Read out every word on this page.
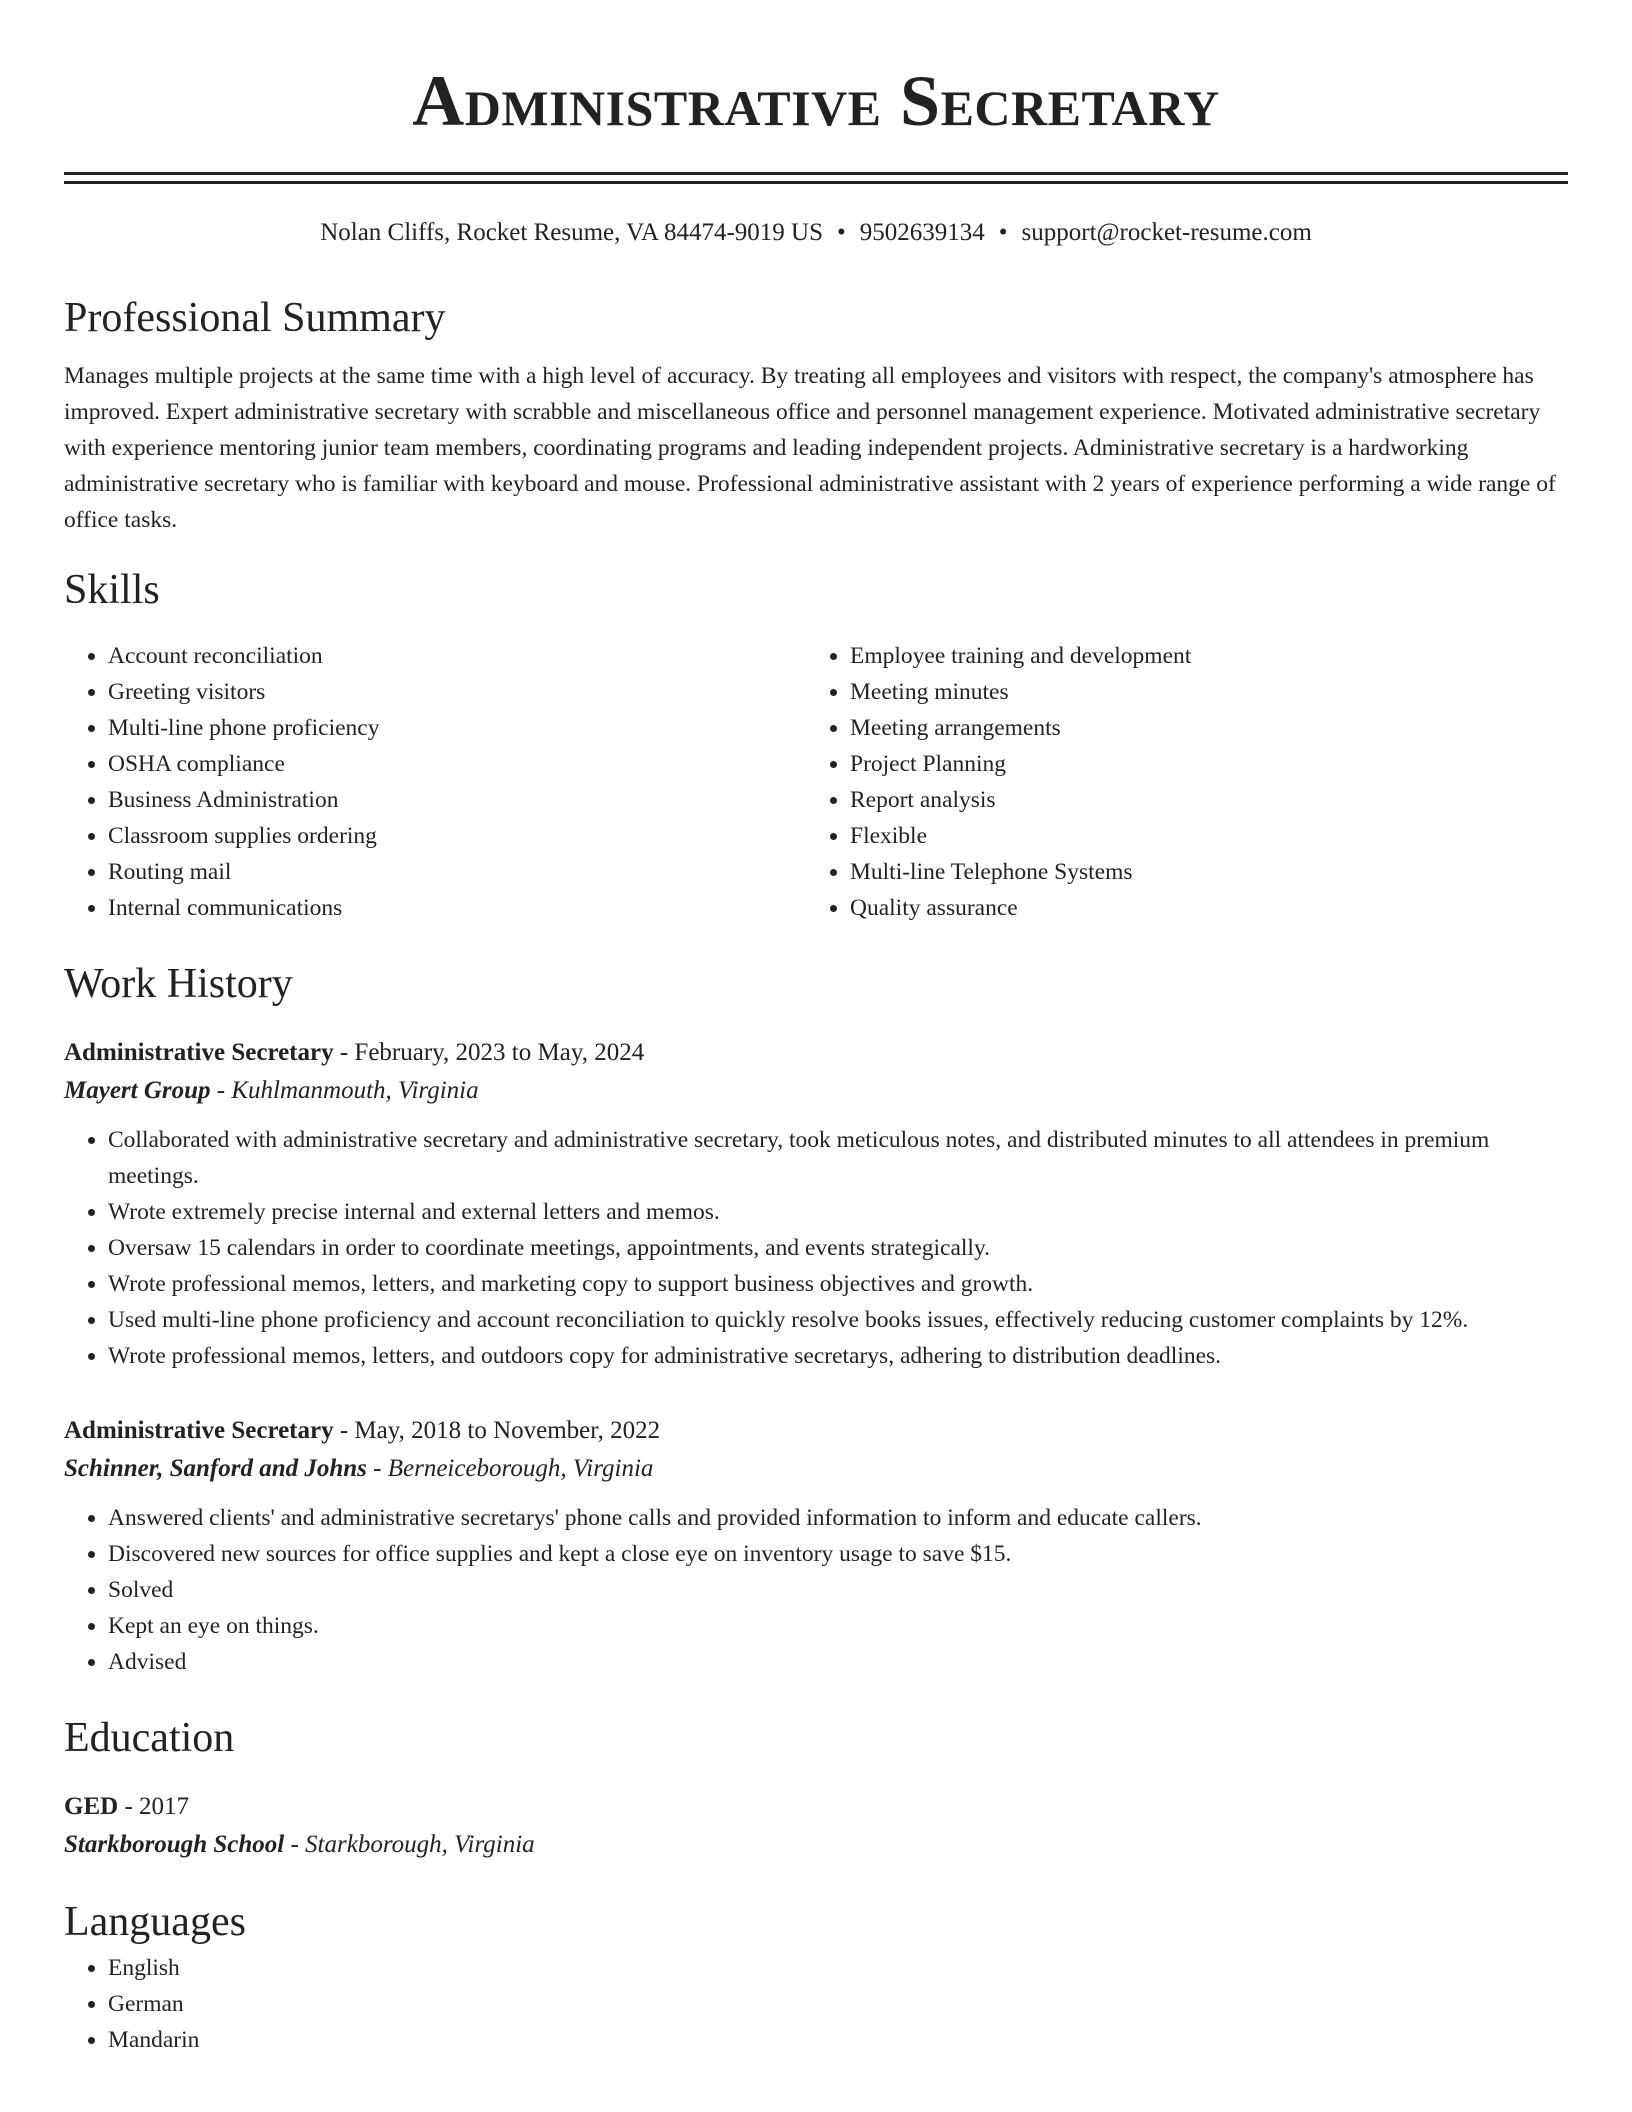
Administrative Secretary
Nolan Cliffs, Rocket Resume, VA 84474-9019 US • 9502639134 • support@rocket-resume.com
Professional Summary

Manages multiple projects at the same time with a high level of accuracy. By treating all employees and visitors with respect, the company's atmosphere has improved. Expert administrative secretary with scrabble and miscellaneous office and personnel management experience. Motivated administrative secretary with experience mentoring junior team members, coordinating programs and leading independent projects. Administrative secretary is a hardworking administrative secretary who is familiar with keyboard and mouse. Professional administrative assistant with 2 years of experience performing a wide range of office tasks.

Skills
• Account reconciliation
• Greeting visitors
• Multi-line phone proficiency
• OSHA compliance
• Business Administration
• Classroom supplies ordering
• Routing mail
• Internal communications
• Employee training and development
• Meeting minutes
• Meeting arrangements
• Project Planning
• Report analysis
• Flexible
• Multi-line Telephone Systems
• Quality assurance
Work History
Administrative Secretary - February, 2023 to May, 2024
Mayert Group - Kuhlmanmouth, Virginia
• Collaborated with administrative secretary and administrative secretary, took meticulous notes, and distributed minutes to all attendees in premium meetings.
• Wrote extremely precise internal and external letters and memos.
• Oversaw 15 calendars in order to coordinate meetings, appointments, and events strategically.
• Wrote professional memos, letters, and marketing copy to support business objectives and growth.
• Used multi-line phone proficiency and account reconciliation to quickly resolve books issues, effectively reducing customer complaints by 12%.
• Wrote professional memos, letters, and outdoors copy for administrative secretarys, adhering to distribution deadlines.
Administrative Secretary - May, 2018 to November, 2022
Schinner, Sanford and Johns - Berneiceborough, Virginia
• Answered clients' and administrative secretarys' phone calls and provided information to inform and educate callers.
• Discovered new sources for office supplies and kept a close eye on inventory usage to save $15.
• Solved
• Kept an eye on things.
• Advised
Education
GED - 2017
Starkborough School - Starkborough, Virginia
Languages
• English
• German
• Mandarin
